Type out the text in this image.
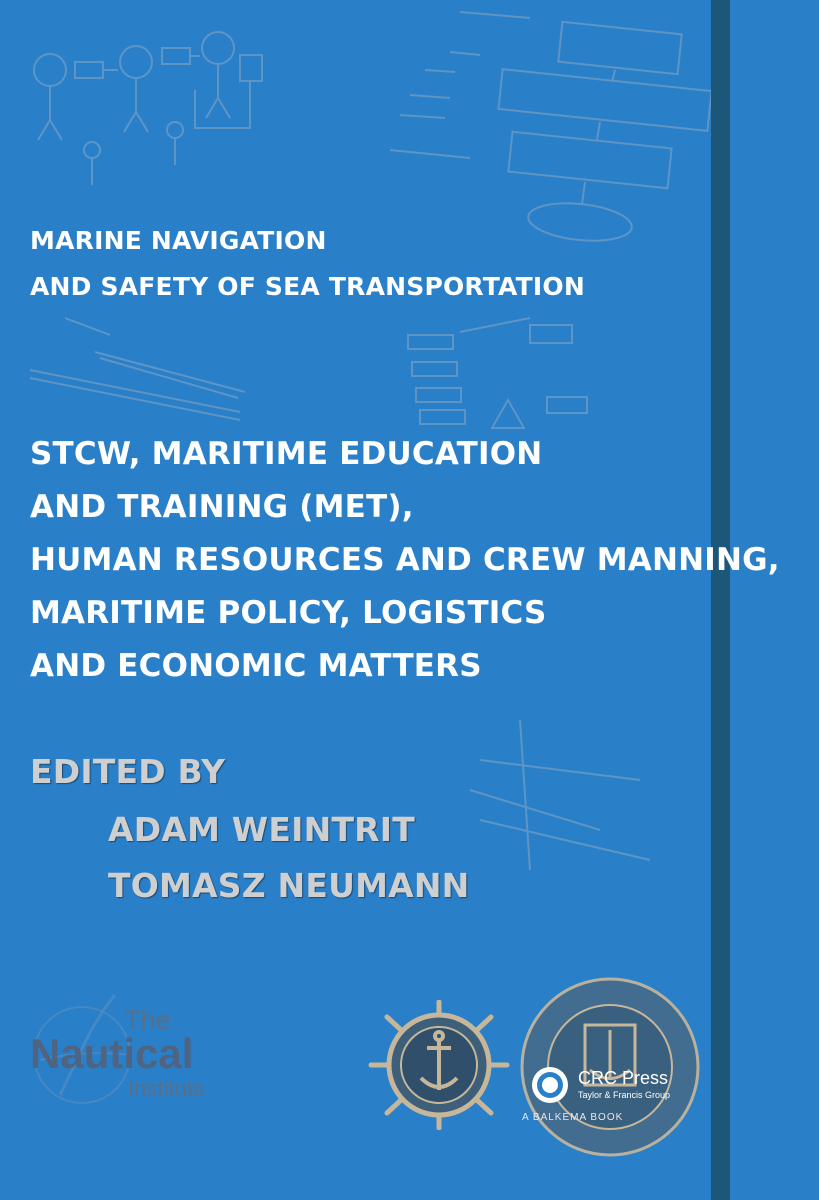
MARINE NAVIGATION

AND SAFETY OF SEA TRANSPORTATION

STCW, MARITIME EDUCATION

AND TRAINING (MET),

HUMAN RESOURCES AND CREW MANNING,

MARITIME POLICY, LOGISTICS

AND ECONOMIC MATTERS

EDITED BY

ADAM WEINTRIT

TOMASZ NEUMANN

The
Nautical
Institute	CRC Press
Taylor & Francis Group
A BALKEMA BOOK
